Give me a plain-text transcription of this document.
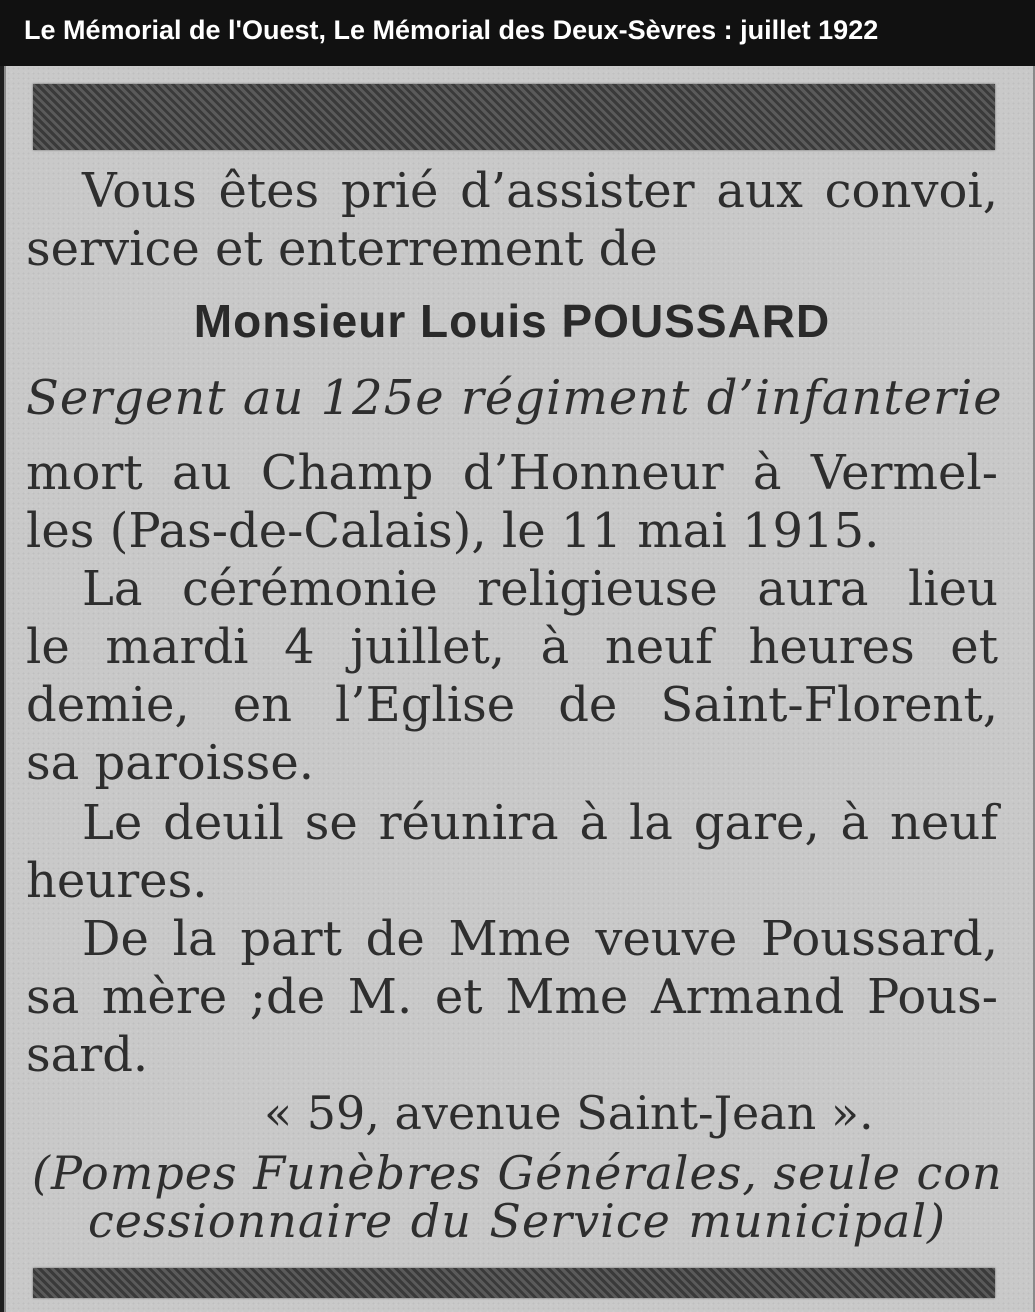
Le Mémorial de l'Ouest, Le Mémorial des Deux-Sèvres : juillet 1922
Vous êtes prié d’assister aux convoi,
service et enterrement de
Monsieur Louis POUSSARD
Sergent au 125e régiment d’infanterie
mort au Champ d’Honneur à Vermel-
les (Pas-de-Calais), le 11 mai 1915.
La cérémonie religieuse aura lieu
le mardi 4 juillet, à neuf heures et
demie, en l’Eglise de Saint-Florent,
sa paroisse.
Le deuil se réunira à la gare, à neuf
heures.
De la part de Mme veuve Poussard,
sa mère ;de M. et Mme Armand Pous-
sard.
« 59, avenue Saint-Jean ».
(Pompes Funèbres Générales, seule con
cessionnaire du Service municipal)
